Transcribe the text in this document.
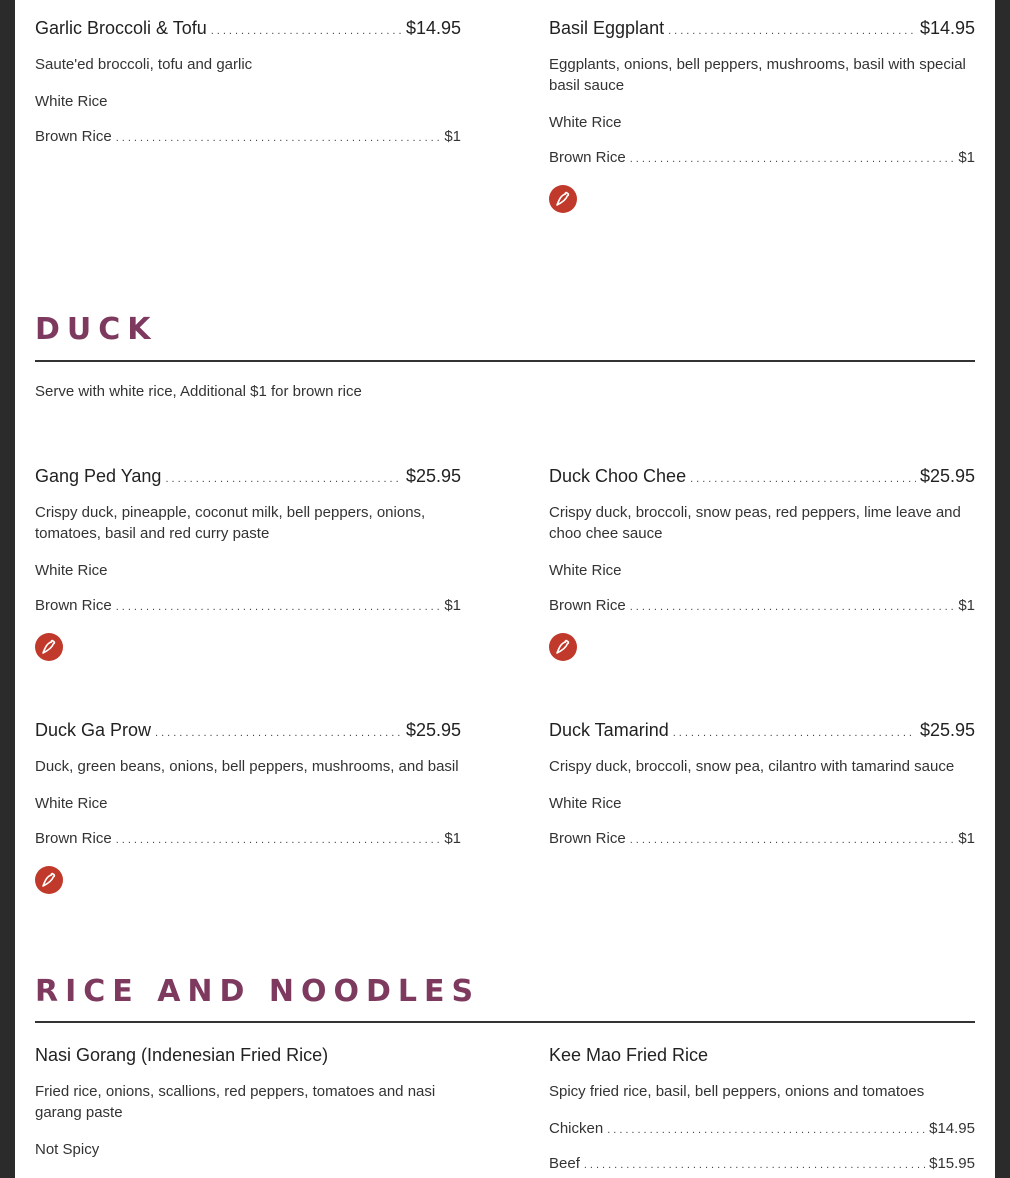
Garlic Broccoli & Tofu .....	$14.95
Saute'ed broccoli, tofu and garlic
White Rice
Brown Rice .....	$1
Basil Eggplant .....	$14.95
Eggplants, onions, bell peppers, mushrooms, basil with special basil sauce
White Rice
Brown Rice .....	$1
DUCK
Serve with white rice, Additional $1 for brown rice
Gang Ped Yang .....	$25.95
Crispy duck, pineapple, coconut milk, bell peppers, onions, tomatoes, basil and red curry paste
White Rice
Brown Rice .....	$1
Duck Choo Chee .....	$25.95
Crispy duck, broccoli, snow peas, red peppers, lime leave and choo chee sauce
White Rice
Brown Rice .....	$1
Duck Ga Prow .....	$25.95
Duck, green beans, onions, bell peppers, mushrooms, and basil
White Rice
Brown Rice .....	$1
Duck Tamarind .....	$25.95
Crispy duck, broccoli, snow pea, cilantro with tamarind sauce
White Rice
Brown Rice .....	$1
RICE AND NOODLES
Nasi Gorang (Indenesian Fried Rice)
Fried rice, onions, scallions, red peppers, tomatoes and nasi garang paste
Not Spicy
Kee Mao Fried Rice
Spicy fried rice, basil, bell peppers, onions and tomatoes
Chicken .....	$14.95
Beef .....	$15.95
